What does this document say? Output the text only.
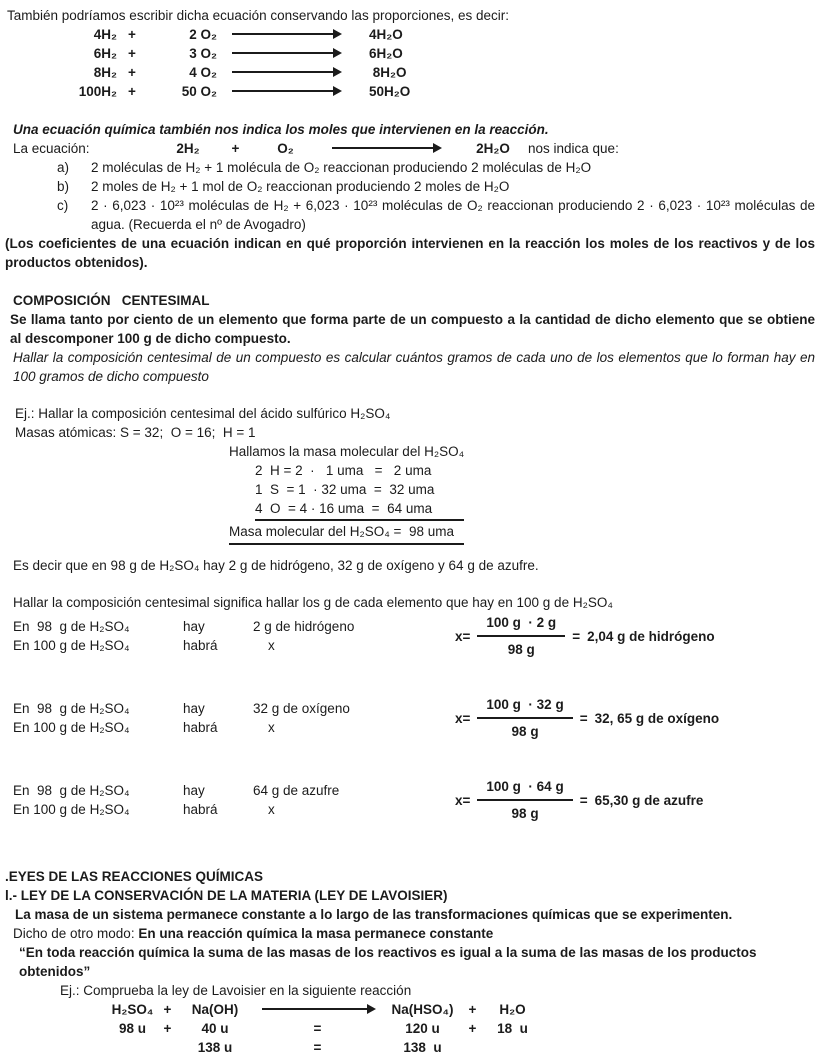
También podríamos escribir dicha ecuación conservando las proporciones, es decir:

4H₂ +	2 O₂	4H₂O
6H₂ +	3 O₂	6H₂O
8H₂ +	4 O₂	8H₂O
100H₂ +	50 O₂	50H₂O

Una ecuación química también nos indica los moles que intervienen en la reacción.

La ecuación:	2H₂	+	O₂	2H₂O	nos indica que:
a)	2 moléculas de H₂ + 1 molécula de O₂ reaccionan produciendo 2 moléculas de H₂O
b)	2 moles de H₂ + 1 mol de O₂ reaccionan produciendo 2 moles de H₂O
c)	2 · 6,023 · 10²³ moléculas de H₂ + 6,023 · 10²³ moléculas de O₂ reaccionan produciendo 2 · 6,023 · 10²³ moléculas de agua. (Recuerda el nº de Avogadro)

(Los coeficientes de una ecuación indican en qué proporción intervienen en la reacción los moles de los reactivos y de los productos obtenidos).

COMPOSICIÓN   CENTESIMAL

Se llama tanto por ciento de un elemento que forma parte de un compuesto a la cantidad de dicho elemento que se obtiene al descomponer 100 g de dicho compuesto.

Hallar la composición centesimal de un compuesto es calcular cuántos gramos de cada uno de los elementos que lo forman hay en 100 gramos de dicho compuesto

Ej.: Hallar la composición centesimal del ácido sulfúrico H₂SO₄

Masas atómicas: S = 32;  O = 16;  H = 1

Hallamos la masa molecular del H₂SO₄
2  H = 2  ·   1 uma   =   2 uma
1  S  = 1  · 32 uma  =  32 uma
4  O  = 4 · 16 uma  =  64 uma
Masa molecular del H₂SO₄ =  98 uma

Es decir que en 98 g de H₂SO₄ hay 2 g de hidrógeno, 32 g de oxígeno y 64 g de azufre.

Hallar la composición centesimal significa hallar los g de cada elemento que hay en 100 g de H₂SO₄

En  98  g de H₂SO₄	hay	2 g de hidrógeno
En 100 g de H₂SO₄	habrá	x
$x= \frac{100 g \cdot 2 g}{98 g} = 2,04$ g de hidrógeno
En  98  g de H₂SO₄	hay	32 g de oxígeno
En 100 g de H₂SO₄	habrá	x
$x= \frac{100 g \cdot 32 g}{98 g} = 32$, 65 g de oxígeno
En  98  g de H₂SO₄	hay	64 g de azufre
En 100 g de H₂SO₄	habrá	x
$x= \frac{100 g \cdot 64 g}{98 g} = 65,30$ g de azufre

.EYES DE LAS REACCIONES QUÍMICAS

l.- LEY DE LA CONSERVACIÓN DE LA MATERIA (LEY DE LAVOISIER)

La masa de un sistema permanece constante a lo largo de las transformaciones químicas que se experimenten.

Dicho de otro modo: En una reacción química la masa permanece constante

“En toda reacción química la suma de las masas de los reactivos es igual a la suma de las masas de los productos obtenidos”

Ej.: Comprueba la ley de Lavoisier en la siguiente reacción

H₂SO₄ +	Na(OH)	Na(HSO₄)	+	H₂O
98 u	+	40 u	=	120 u	+	18  u
138 u	=	138  u
